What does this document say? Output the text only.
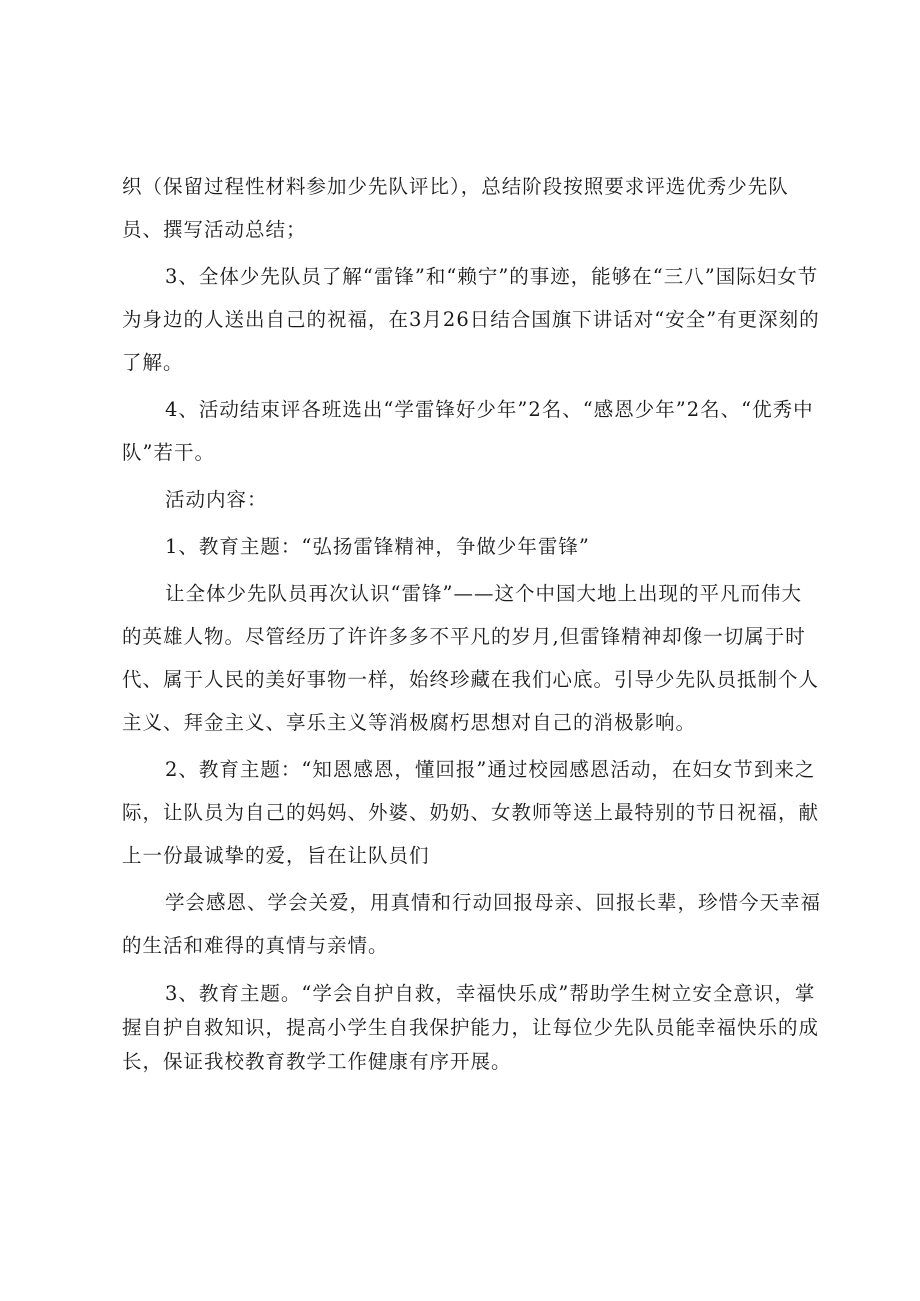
织（保留过程性材料参加少先队评比），总结阶段按照要求评选优秀少先队员、撰写活动总结；

3、全体少先队员了解“雷锋”和“赖宁”的事迹，能够在“三八”国际妇女节为身边的人送出自己的祝福，在3月26日结合国旗下讲话对“安全”有更深刻的了解。

4、活动结束评各班选出“学雷锋好少年”2名、“感恩少年”2名、“优秀中队”若干。

活动内容：

1、教育主题：“弘扬雷锋精神，争做少年雷锋”

让全体少先队员再次认识“雷锋”——这个中国大地上出现的平凡而伟大的英雄人物。尽管经历了许许多多不平凡的岁月,但雷锋精神却像一切属于时代、属于人民的美好事物一样，始终珍藏在我们心底。引导少先队员抵制个人主义、拜金主义、享乐主义等消极腐朽思想对自己的消极影响。

2、教育主题：“知恩感恩，懂回报”通过校园感恩活动，在妇女节到来之际，让队员为自己的妈妈、外婆、奶奶、女教师等送上最特别的节日祝福，献上一份最诚挚的爱，旨在让队员们

学会感恩、学会关爱，用真情和行动回报母亲、回报长辈，珍惜今天幸福的生活和难得的真情与亲情。

3、教育主题。“学会自护自救，幸福快乐成”帮助学生树立安全意识，掌握自护自救知识，提高小学生自我保护能力，让每位少先队员能幸福快乐的成长，保证我校教育教学工作健康有序开展。
